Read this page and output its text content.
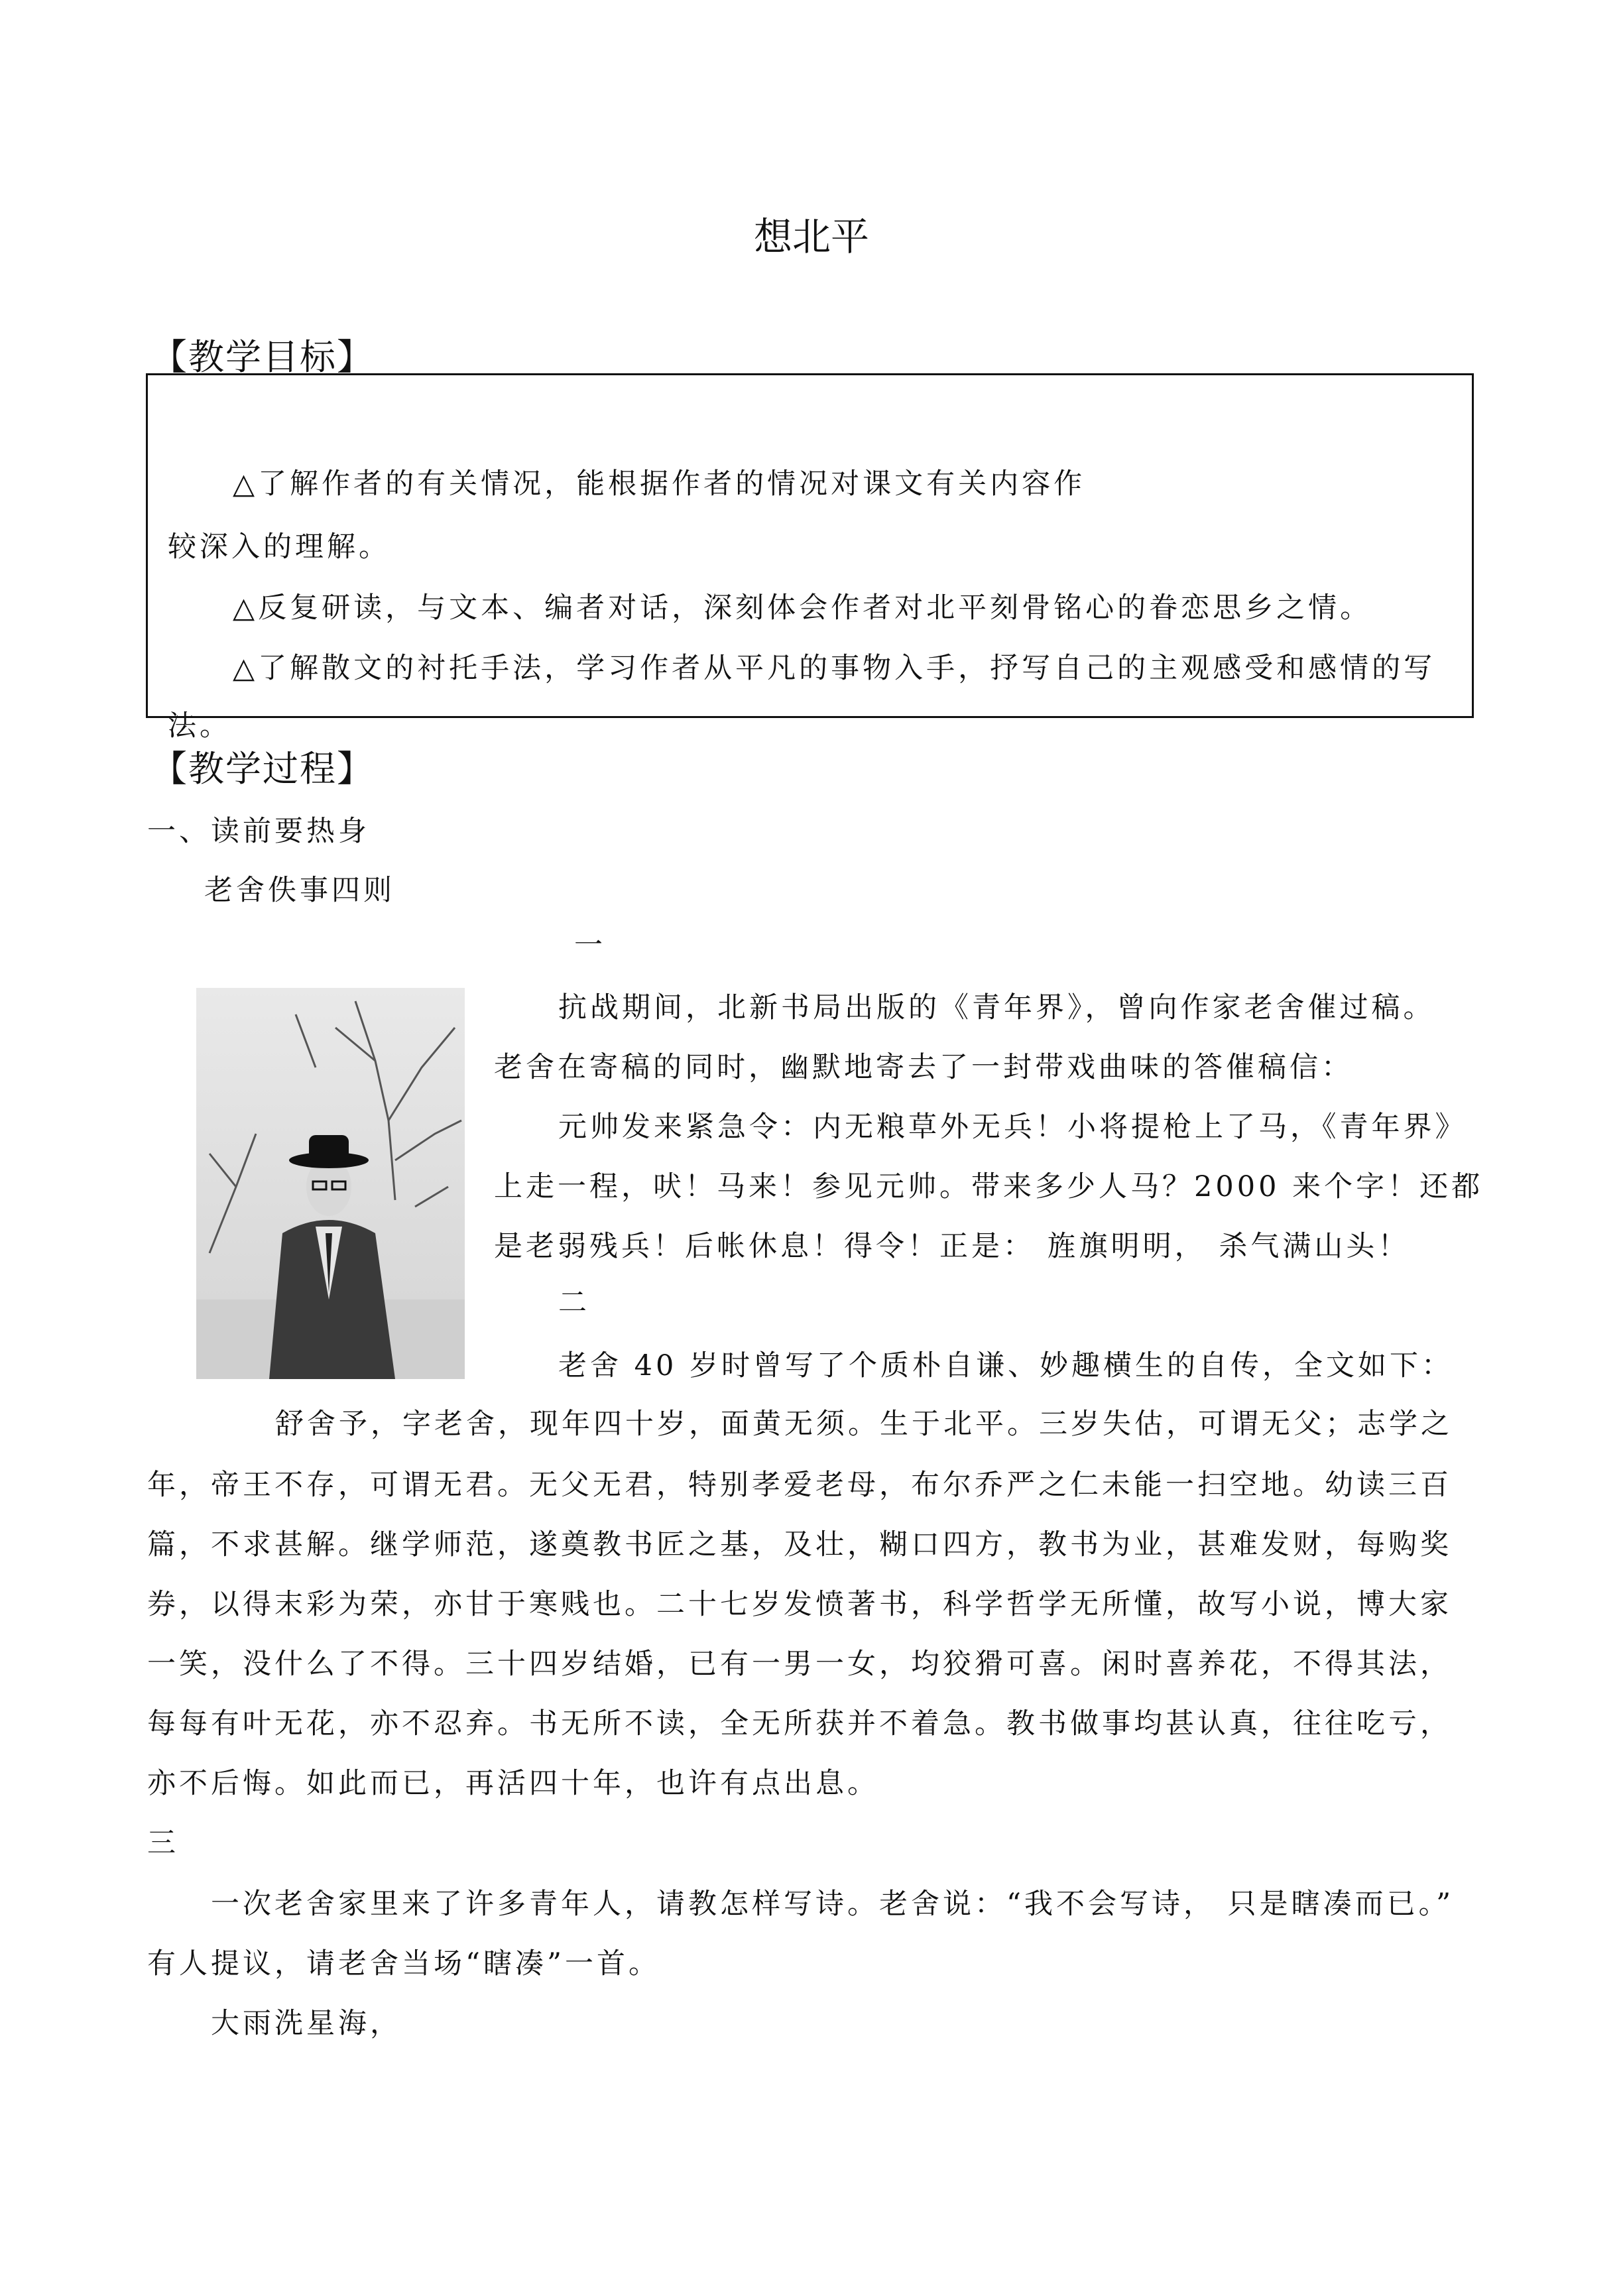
想北平
【教学目标】
△了解作者的有关情况，能根据作者的情况对课文有关内容作
较深入的理解。
△反复研读，与文本、编者对话，深刻体会作者对北平刻骨铭心的眷恋思乡之情。
△了解散文的衬托手法，学习作者从平凡的事物入手，抒写自己的主观感受和感情的写
法。
【教学过程】
一、读前要热身
老舍佚事四则
一
抗战期间，北新书局出版的《青年界》，曾向作家老舍催过稿。
老舍在寄稿的同时，幽默地寄去了一封带戏曲味的答催稿信：
元帅发来紧急令：内无粮草外无兵！小将提枪上了马，《青年界》
上走一程，吠！马来！参见元帅。带来多少人马？2000 来个字！还都
是老弱残兵！后帐休息！得令！正是： 旌旗明明， 杀气满山头！
二
老舍 40 岁时曾写了个质朴自谦、妙趣横生的自传，全文如下：
舒舍予，字老舍，现年四十岁，面黄无须。生于北平。三岁失估，可谓无父；志学之
年，帝王不存，可谓无君。无父无君，特别孝爱老母，布尔乔严之仁未能一扫空地。幼读三百
篇，不求甚解。继学师范，遂奠教书匠之基，及壮，糊口四方，教书为业，甚难发财，每购奖
券，以得末彩为荣，亦甘于寒贱也。二十七岁发愤著书，科学哲学无所懂，故写小说，博大家
一笑，没什么了不得。三十四岁结婚，已有一男一女，均狡猾可喜。闲时喜养花，不得其法，
每每有叶无花，亦不忍弃。书无所不读，全无所获并不着急。教书做事均甚认真，往往吃亏，
亦不后悔。如此而已，再活四十年，也许有点出息。
三
一次老舍家里来了许多青年人，请教怎样写诗。老舍说：“我不会写诗， 只是瞎凑而已。”
有人提议，请老舍当场“瞎凑”一首。
大雨洗星海，
